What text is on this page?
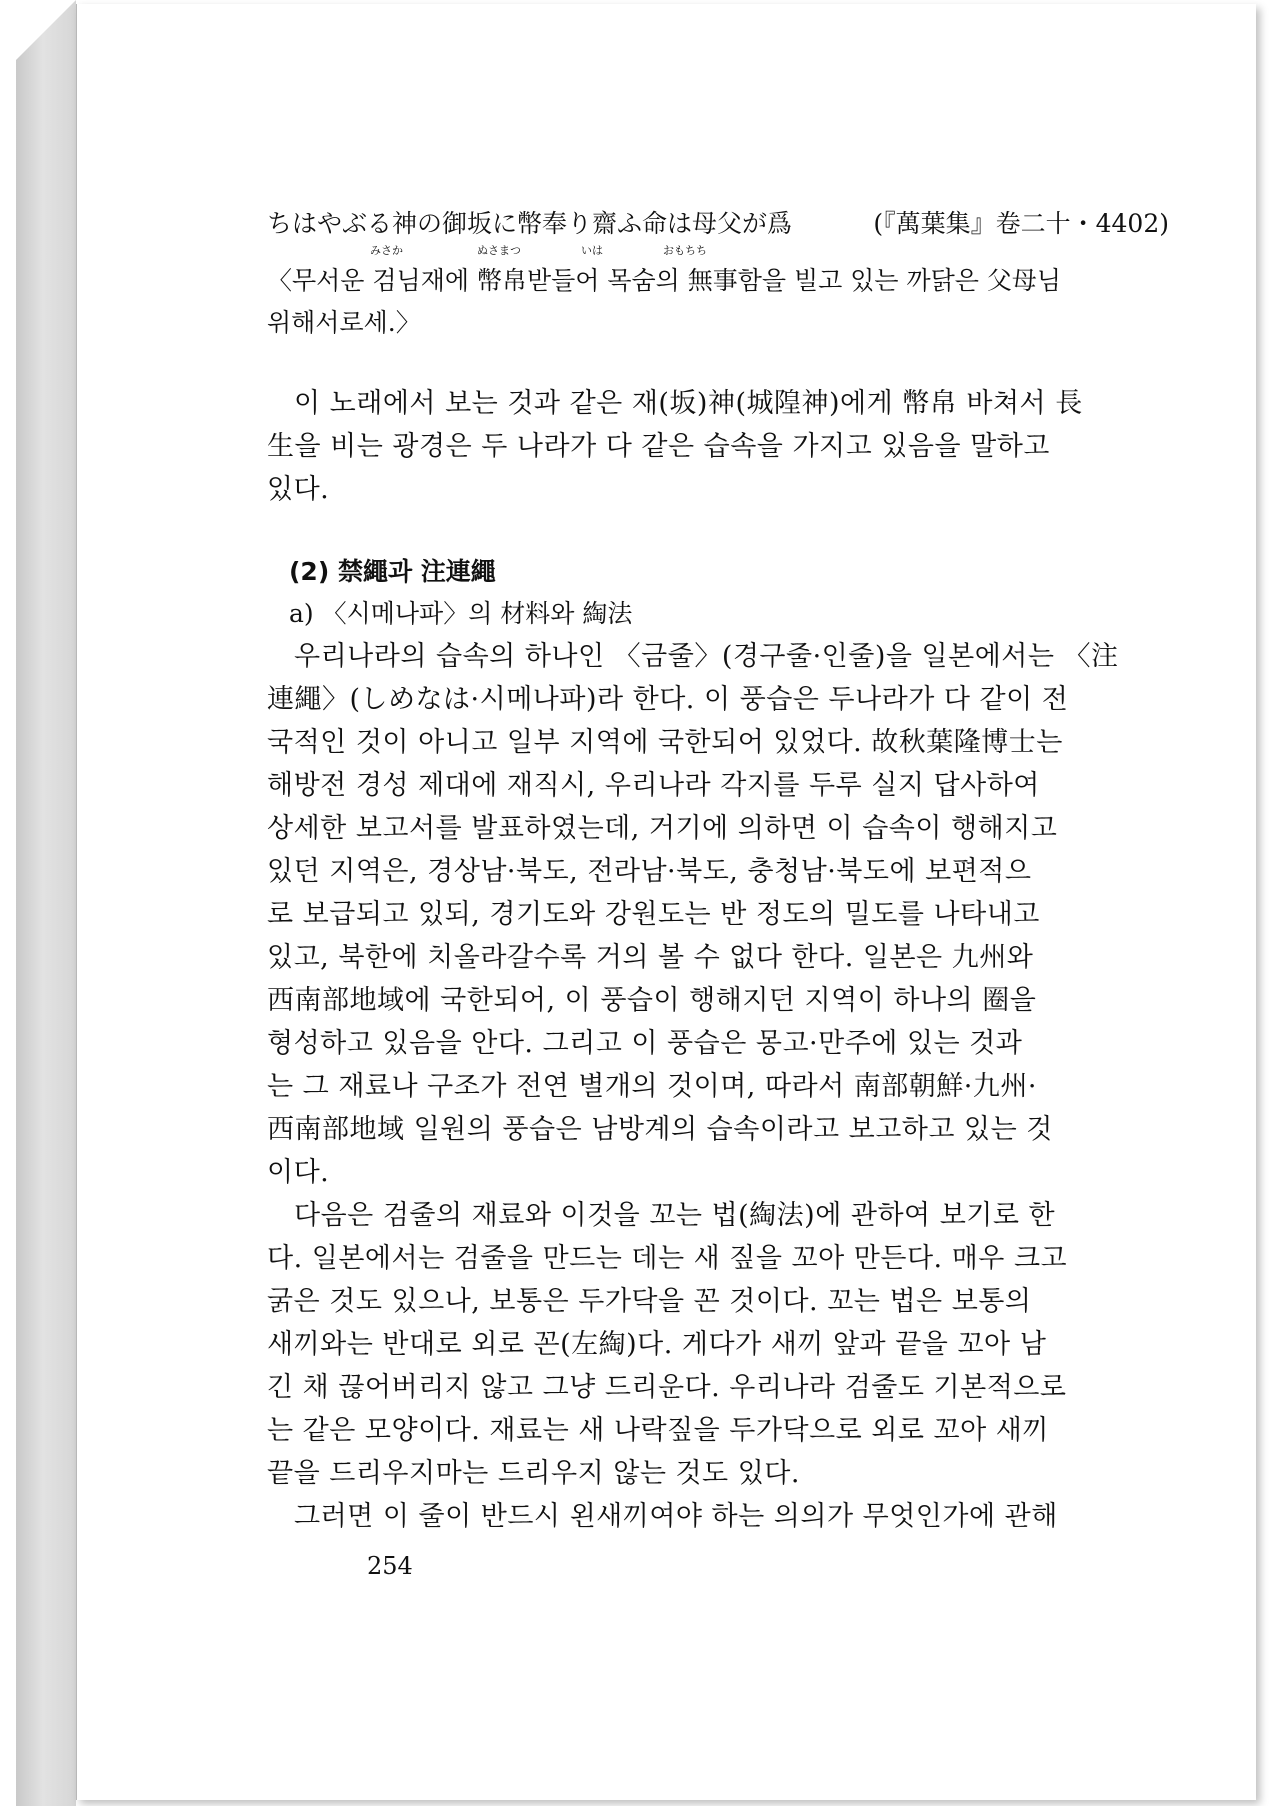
ちはやぶる神の御坂に幣奉り齋ふ命は母父が爲	(『萬葉集』卷二十・4402)
みさか	ぬさまつ	いは	おもちち
〈무서운 검님재에 幣帛받들어 목숨의 無事함을 빌고 있는 까닭은 父母님
위해서로세.〉
이 노래에서 보는 것과 같은 재(坂)神(城隍神)에게 幣帛 바쳐서 長
生을 비는 광경은 두 나라가 다 같은 습속을 가지고 있음을 말하고
있다.
(2) 禁繩과 注連繩
a) 〈시메나파〉의 材料와 綯法
우리나라의 습속의 하나인 〈금줄〉(경구줄·인줄)을 일본에서는 〈注
連繩〉(しめなは·시메나파)라 한다. 이 풍습은 두나라가 다 같이 전
국적인 것이 아니고 일부 지역에 국한되어 있었다. 故秋葉隆博士는
해방전 경성 제대에 재직시, 우리나라 각지를 두루 실지 답사하여
상세한 보고서를 발표하였는데, 거기에 의하면 이 습속이 행해지고
있던 지역은, 경상남·북도, 전라남·북도, 충청남·북도에 보편적으
로 보급되고 있되, 경기도와 강원도는 반 정도의 밀도를 나타내고
있고, 북한에 치올라갈수록 거의 볼 수 없다 한다. 일본은 九州와
西南部地域에 국한되어, 이 풍습이 행해지던 지역이 하나의 圈을
형성하고 있음을 안다. 그리고 이 풍습은 몽고·만주에 있는 것과
는 그 재료나 구조가 전연 별개의 것이며, 따라서 南部朝鮮·九州·
西南部地域 일원의 풍습은 남방계의 습속이라고 보고하고 있는 것
이다.
다음은 검줄의 재료와 이것을 꼬는 법(綯法)에 관하여 보기로 한
다. 일본에서는 검줄을 만드는 데는 새 짚을 꼬아 만든다. 매우 크고
굵은 것도 있으나, 보통은 두가닥을 꼰 것이다. 꼬는 법은 보통의
새끼와는 반대로 외로 꼰(左綯)다. 게다가 새끼 앞과 끝을 꼬아 남
긴 채 끊어버리지 않고 그냥 드리운다. 우리나라 검줄도 기본적으로
는 같은 모양이다. 재료는 새 나락짚을 두가닥으로 외로 꼬아 새끼
끝을 드리우지마는 드리우지 않는 것도 있다.
그러면 이 줄이 반드시 왼새끼여야 하는 의의가 무엇인가에 관해
254
